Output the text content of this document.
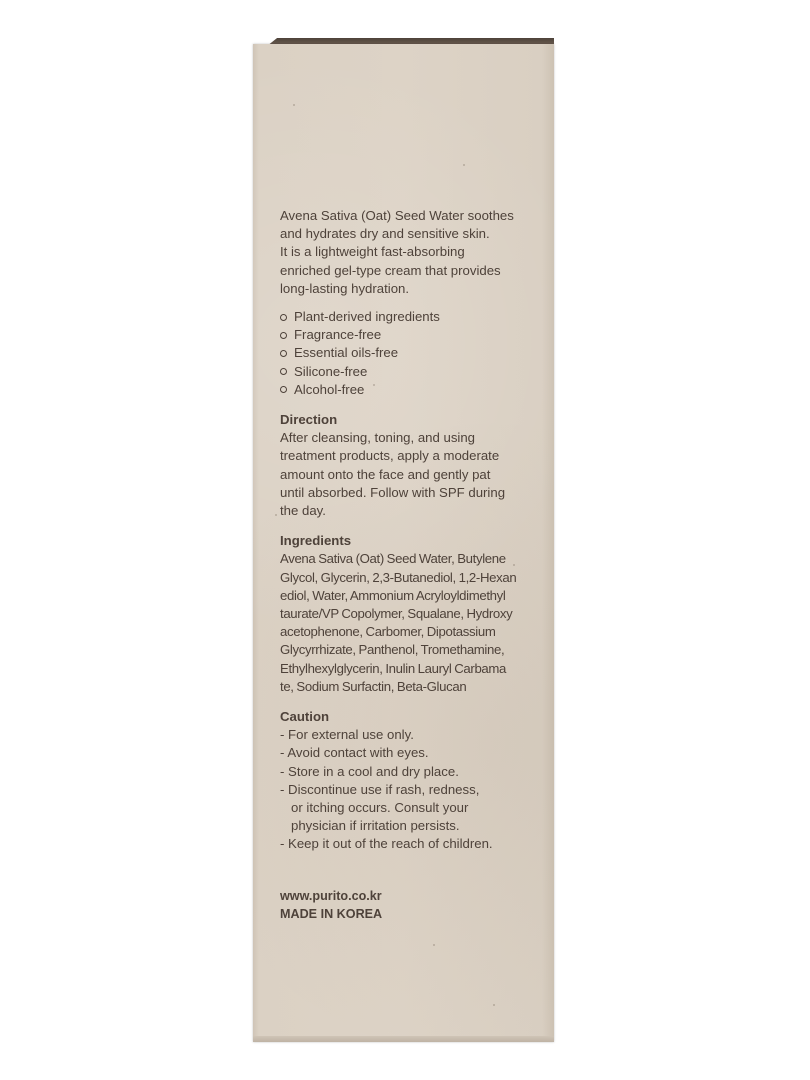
Avena Sativa (Oat) Seed Water soothes

and hydrates dry and sensitive skin.

It is a lightweight fast-absorbing

enriched gel-type cream that provides

long-lasting hydration.

Plant-derived ingredients
Fragrance-free
Essential oils-free
Silicone-free
Alcohol-free
Direction

After cleansing, toning, and using

treatment products, apply a moderate

amount onto the face and gently pat

until absorbed. Follow with SPF during

the day.

Ingredients

Avena Sativa (Oat) Seed Water, Butylene

Glycol, Glycerin, 2,3-Butanediol, 1,2-Hexan

ediol, Water, Ammonium Acryloyldimethyl

taurate/VP Copolymer, Squalane, Hydroxy

acetophenone, Carbomer, Dipotassium

Glycyrrhizate, Panthenol, Tromethamine,

Ethylhexylglycerin, Inulin Lauryl Carbama

te, Sodium Surfactin, Beta-Glucan

Caution
- For external use only.
- Avoid contact with eyes.
- Store in a cool and dry place.
- Discontinue use if rash, redness,
or itching occurs. Consult your
physician if irritation persists.
- Keep it out of the reach of children.
www.purito.co.kr
MADE IN KOREA
